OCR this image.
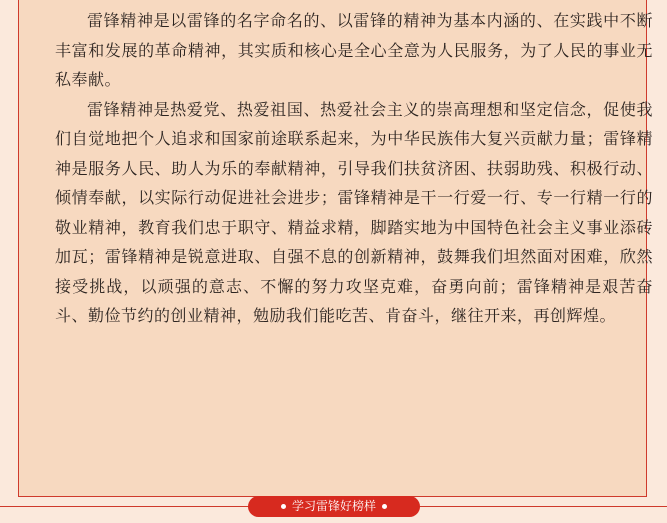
雷锋精神是以雷锋的名字命名的、以雷锋的精神为基本内涵的、在实践中不断丰富和发展的革命精神，其实质和核心是全心全意为人民服务，为了人民的事业无私奉献。

雷锋精神是热爱党、热爱祖国、热爱社会主义的崇高理想和坚定信念，促使我们自觉地把个人追求和国家前途联系起来，为中华民族伟大复兴贡献力量；雷锋精神是服务人民、助人为乐的奉献精神，引导我们扶贫济困、扶弱助残、积极行动、倾情奉献，以实际行动促进社会进步；雷锋精神是干一行爱一行、专一行精一行的敬业精神，教育我们忠于职守、精益求精，脚踏实地为中国特色社会主义事业添砖加瓦；雷锋精神是锐意进取、自强不息的创新精神，鼓舞我们坦然面对困难，欣然接受挑战，以顽强的意志、不懈的努力攻坚克难，奋勇向前；雷锋精神是艰苦奋斗、勤俭节约的创业精神，勉励我们能吃苦、肯奋斗，继往开来，再创辉煌。

学习雷锋好榜样
